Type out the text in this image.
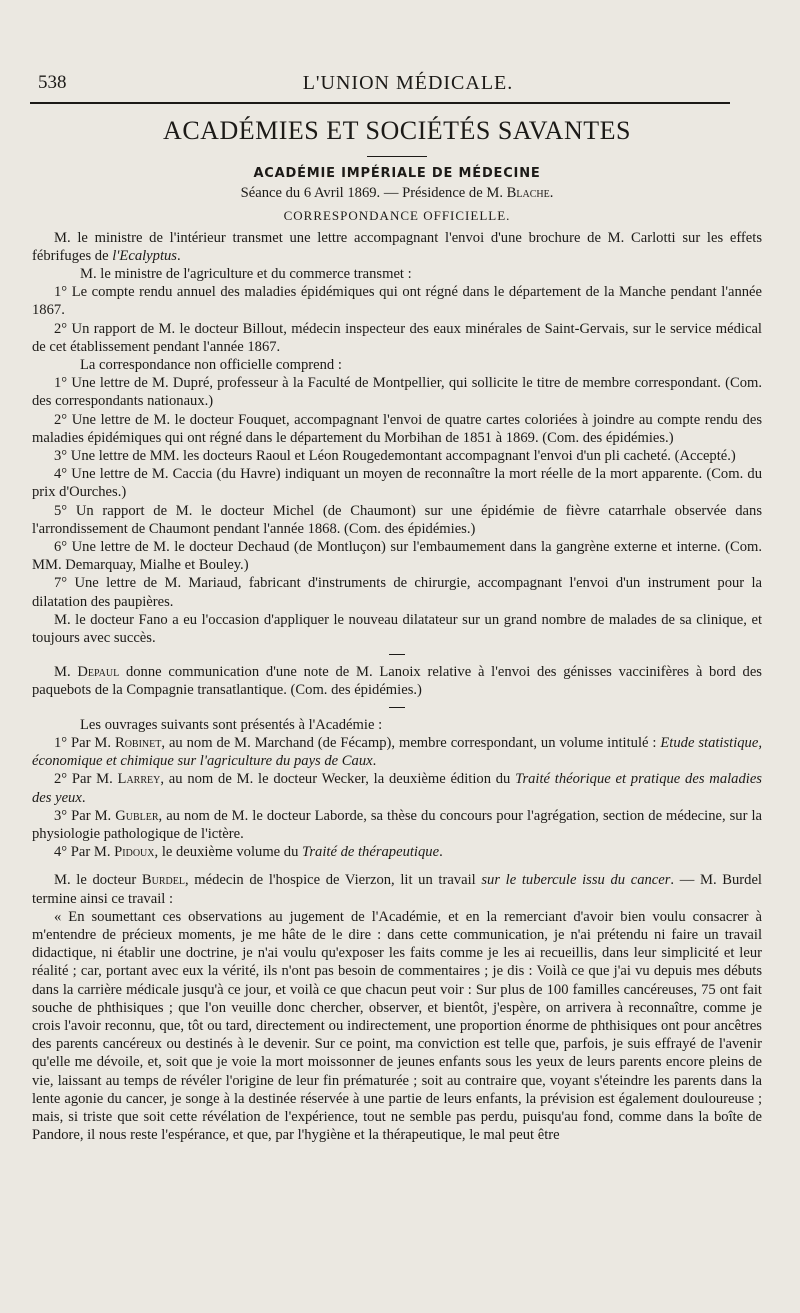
538	L'UNION MÉDICALE.
ACADÉMIES ET SOCIÉTÉS SAVANTES
ACADÉMIE IMPÉRIALE DE MÉDECINE
Séance du 6 Avril 1869. — Présidence de M. Blache.
CORRESPONDANCE OFFICIELLE.

M. le ministre de l'intérieur transmet une lettre accompagnant l'envoi d'une brochure de M. Carlotti sur les effets fébrifuges de l'Ecalyptus.

M. le ministre de l'agriculture et du commerce transmet :

1° Le compte rendu annuel des maladies épidémiques qui ont régné dans le département de la Manche pendant l'année 1867.

2° Un rapport de M. le docteur Billout, médecin inspecteur des eaux minérales de Saint-Gervais, sur le service médical de cet établissement pendant l'année 1867.

La correspondance non officielle comprend :

1° Une lettre de M. Dupré, professeur à la Faculté de Montpellier, qui sollicite le titre de membre correspondant. (Com. des correspondants nationaux.)

2° Une lettre de M. le docteur Fouquet, accompagnant l'envoi de quatre cartes coloriées à joindre au compte rendu des maladies épidémiques qui ont régné dans le département du Morbihan de 1851 à 1869. (Com. des épidémies.)

3° Une lettre de MM. les docteurs Raoul et Léon Rougedemontant accompagnant l'envoi d'un pli cacheté. (Accepté.)

4° Une lettre de M. Caccia (du Havre) indiquant un moyen de reconnaître la mort réelle de la mort apparente. (Com. du prix d'Ourches.)

5° Un rapport de M. le docteur Michel (de Chaumont) sur une épidémie de fièvre catarrhale observée dans l'arrondissement de Chaumont pendant l'année 1868. (Com. des épidémies.)

6° Une lettre de M. le docteur Dechaud (de Montluçon) sur l'embaumement dans la gangrène externe et interne. (Com. MM. Demarquay, Mialhe et Bouley.)

7° Une lettre de M. Mariaud, fabricant d'instruments de chirurgie, accompagnant l'envoi d'un instrument pour la dilatation des paupières.

M. le docteur Fano a eu l'occasion d'appliquer le nouveau dilatateur sur un grand nombre de malades de sa clinique, et toujours avec succès.

M. Depaul donne communication d'une note de M. Lanoix relative à l'envoi des génisses vaccinifères à bord des paquebots de la Compagnie transatlantique. (Com. des épidémies.)

Les ouvrages suivants sont présentés à l'Académie :

1° Par M. Robinet, au nom de M. Marchand (de Fécamp), membre correspondant, un volume intitulé : Etude statistique, économique et chimique sur l'agriculture du pays de Caux.

2° Par M. Larrey, au nom de M. le docteur Wecker, la deuxième édition du Traité théorique et pratique des maladies des yeux.

3° Par M. Gubler, au nom de M. le docteur Laborde, sa thèse du concours pour l'agrégation, section de médecine, sur la physiologie pathologique de l'ictère.

4° Par M. Pidoux, le deuxième volume du Traité de thérapeutique.

M. le docteur Burdel, médecin de l'hospice de Vierzon, lit un travail sur le tubercule issu du cancer. — M. Burdel termine ainsi ce travail :

« En soumettant ces observations au jugement de l'Académie, et en la remerciant d'avoir bien voulu consacrer à m'entendre de précieux moments, je me hâte de le dire : dans cette communication, je n'ai prétendu ni faire un travail didactique, ni établir une doctrine, je n'ai voulu qu'exposer les faits comme je les ai recueillis, dans leur simplicité et leur réalité ; car, portant avec eux la vérité, ils n'ont pas besoin de commentaires ; je dis : Voilà ce que j'ai vu depuis mes débuts dans la carrière médicale jusqu'à ce jour, et voilà ce que chacun peut voir : Sur plus de 100 familles cancéreuses, 75 ont fait souche de phthisiques ; que l'on veuille donc chercher, observer, et bientôt, j'espère, on arrivera à reconnaître, comme je crois l'avoir reconnu, que, tôt ou tard, directement ou indirectement, une proportion énorme de phthisiques ont pour ancêtres des parents cancéreux ou destinés à le devenir. Sur ce point, ma conviction est telle que, parfois, je suis effrayé de l'avenir qu'elle me dévoile, et, soit que je voie la mort moissonner de jeunes enfants sous les yeux de leurs parents encore pleins de vie, laissant au temps de révéler l'origine de leur fin prématurée ; soit au contraire que, voyant s'éteindre les parents dans la lente agonie du cancer, je songe à la destinée réservée à une partie de leurs enfants, la prévision est également douloureuse ; mais, si triste que soit cette révélation de l'expérience, tout ne semble pas perdu, puisqu'au fond, comme dans la boîte de Pandore, il nous reste l'espérance, et que, par l'hygiène et la thérapeutique, le mal peut être
